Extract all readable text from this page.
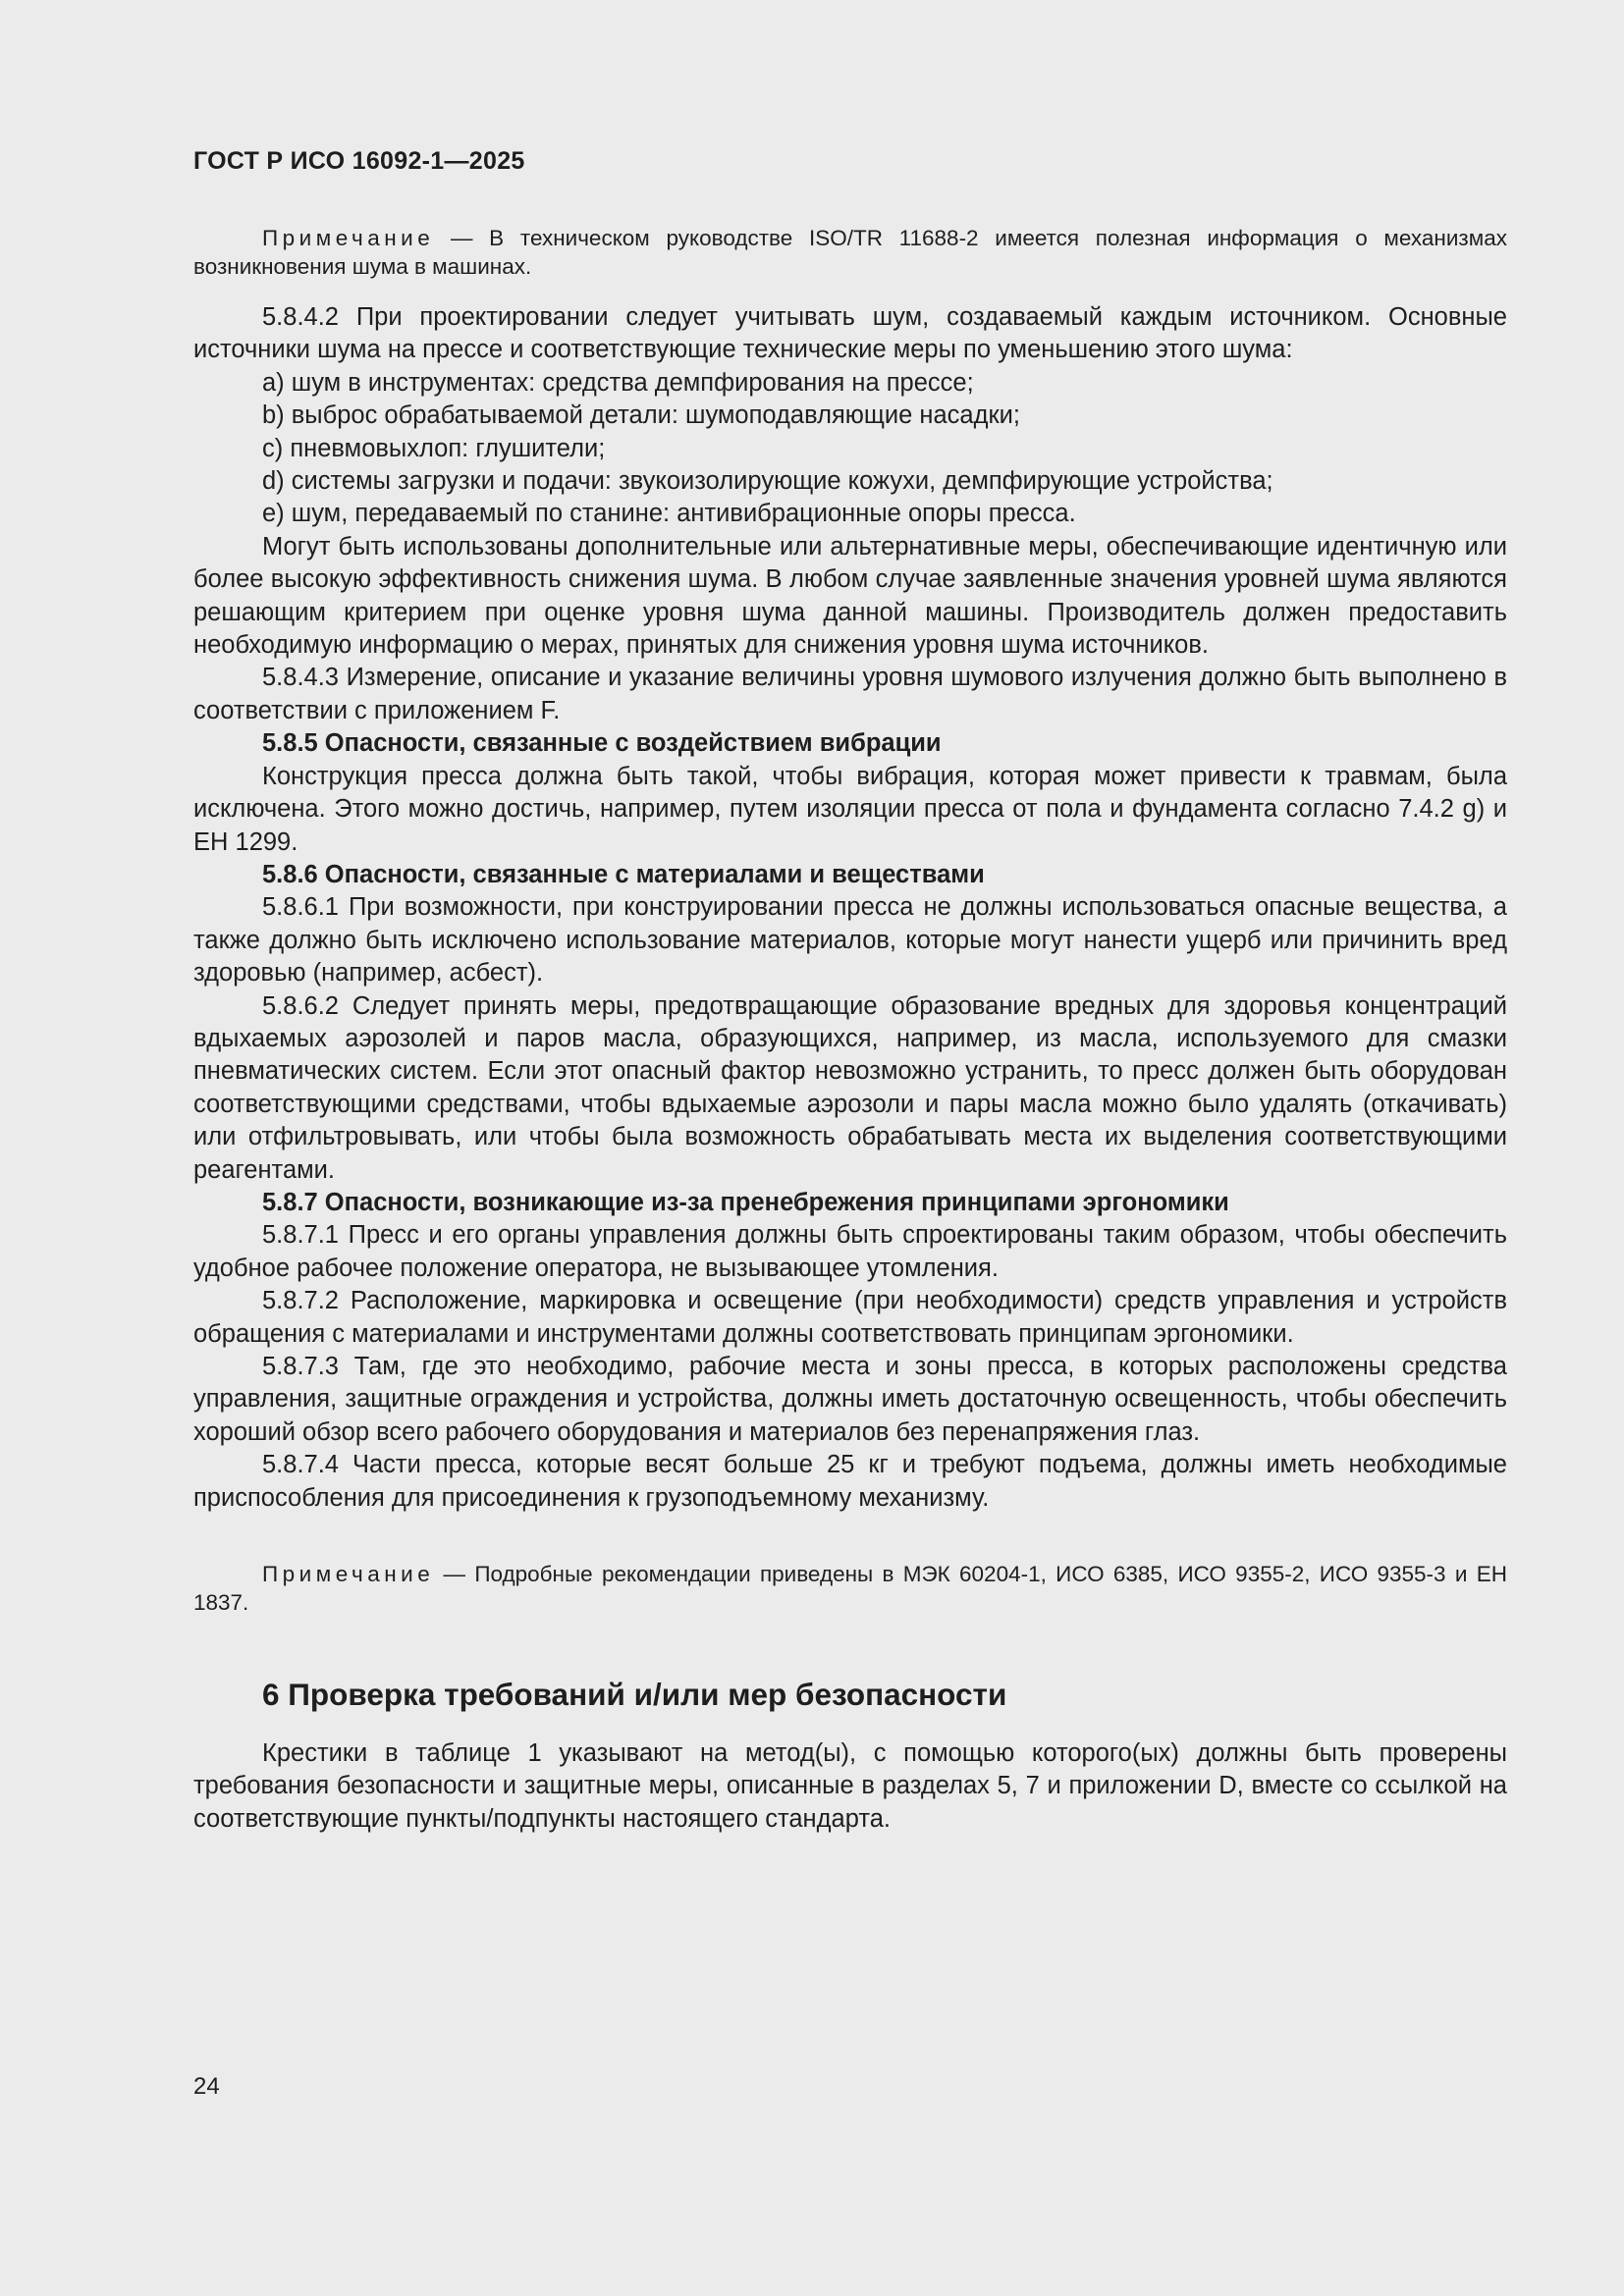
ГОСТ Р ИСО 16092-1—2025
Примечание — В техническом руководстве ISO/TR 11688-2 имеется полезная информация о механизмах возникновения шума в машинах.

5.8.4.2 При проектировании следует учитывать шум, создаваемый каждым источником. Основные источники шума на прессе и соответствующие технические меры по уменьшению этого шума:

a) шум в инструментах: средства демпфирования на прессе;

b) выброс обрабатываемой детали: шумоподавляющие насадки;

c) пневмовыхлоп: глушители;

d) системы загрузки и подачи: звукоизолирующие кожухи, демпфирующие устройства;

e) шум, передаваемый по станине: антивибрационные опоры пресса.

Могут быть использованы дополнительные или альтернативные меры, обеспечивающие идентичную или более высокую эффективность снижения шума. В любом случае заявленные значения уровней шума являются решающим критерием при оценке уровня шума данной машины. Производитель должен предоставить необходимую информацию о мерах, принятых для снижения уровня шума источников.

5.8.4.3 Измерение, описание и указание величины уровня шумового излучения должно быть выполнено в соответствии с приложением F.

5.8.5 Опасности, связанные с воздействием вибрации

Конструкция пресса должна быть такой, чтобы вибрация, которая может привести к травмам, была исключена. Этого можно достичь, например, путем изоляции пресса от пола и фундамента согласно 7.4.2 g) и ЕН 1299.

5.8.6 Опасности, связанные с материалами и веществами

5.8.6.1 При возможности, при конструировании пресса не должны использоваться опасные вещества, а также должно быть исключено использование материалов, которые могут нанести ущерб или причинить вред здоровью (например, асбест).

5.8.6.2 Следует принять меры, предотвращающие образование вредных для здоровья концентраций вдыхаемых аэрозолей и паров масла, образующихся, например, из масла, используемого для смазки пневматических систем. Если этот опасный фактор невозможно устранить, то пресс должен быть оборудован соответствующими средствами, чтобы вдыхаемые аэрозоли и пары масла можно было удалять (откачивать) или отфильтровывать, или чтобы была возможность обрабатывать места их выделения соответствующими реагентами.

5.8.7 Опасности, возникающие из-за пренебрежения принципами эргономики

5.8.7.1 Пресс и его органы управления должны быть спроектированы таким образом, чтобы обеспечить удобное рабочее положение оператора, не вызывающее утомления.

5.8.7.2 Расположение, маркировка и освещение (при необходимости) средств управления и устройств обращения с материалами и инструментами должны соответствовать принципам эргономики.

5.8.7.3 Там, где это необходимо, рабочие места и зоны пресса, в которых расположены средства управления, защитные ограждения и устройства, должны иметь достаточную освещенность, чтобы обеспечить хороший обзор всего рабочего оборудования и материалов без перенапряжения глаз.

5.8.7.4 Части пресса, которые весят больше 25 кг и требуют подъема, должны иметь необходимые приспособления для присоединения к грузоподъемному механизму.

Примечание — Подробные рекомендации приведены в МЭК 60204-1, ИСО 6385, ИСО 9355-2, ИСО 9355-3 и ЕН 1837.
6 Проверка требований и/или мер безопасности

Крестики в таблице 1 указывают на метод(ы), с помощью которого(ых) должны быть проверены требования безопасности и защитные меры, описанные в разделах 5, 7 и приложении D, вместе со ссылкой на соответствующие пункты/подпункты настоящего стандарта.

24
